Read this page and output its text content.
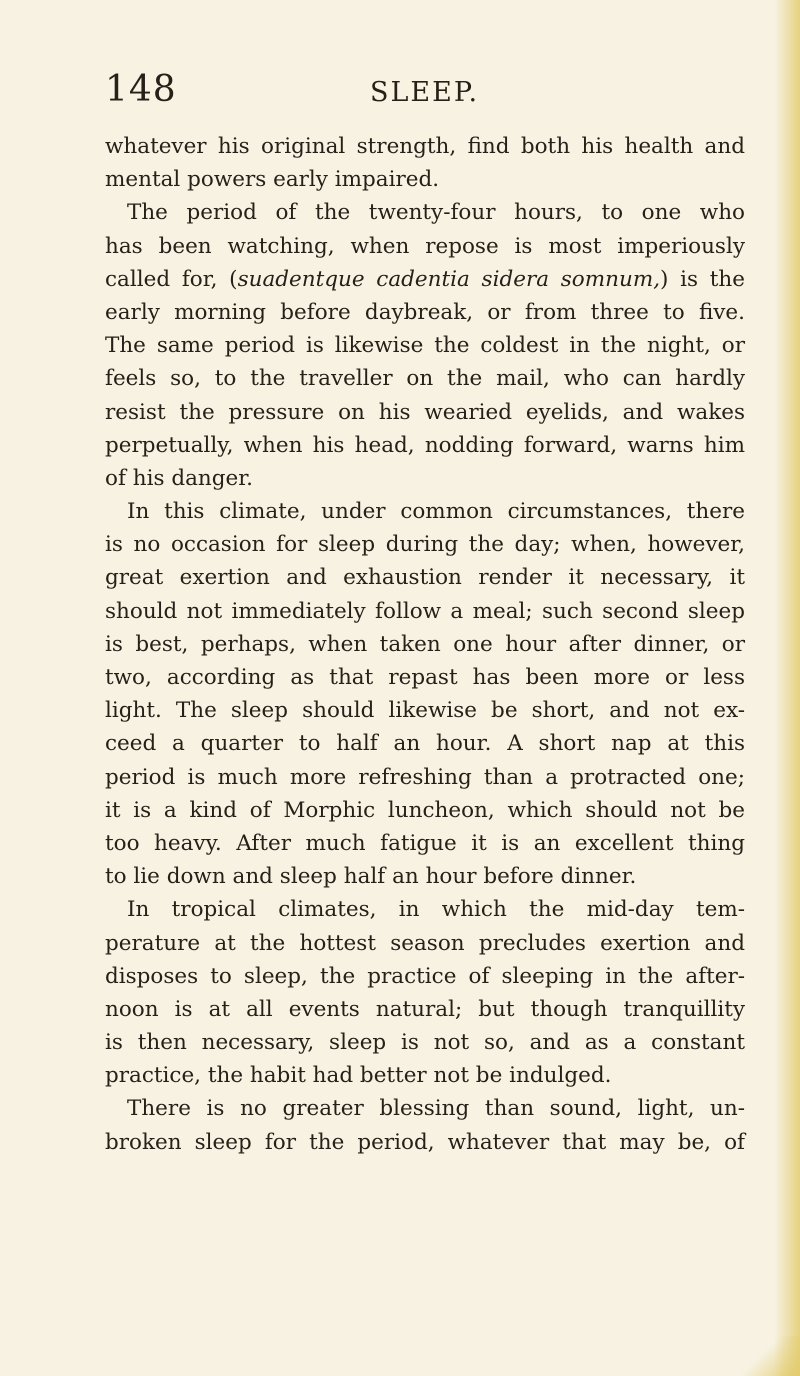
148	SLEEP.
whatever his original strength, find both his health and
mental powers early impaired.
The period of the twenty-four hours, to one who
has been watching, when repose is most imperiously
called for, (suadentque cadentia sidera somnum,) is the
early morning before daybreak, or from three to five.
The same period is likewise the coldest in the night, or
feels so, to the traveller on the mail, who can hardly
resist the pressure on his wearied eyelids, and wakes
perpetually, when his head, nodding forward, warns him
of his danger.
In this climate, under common circumstances, there
is no occasion for sleep during the day; when, however,
great exertion and exhaustion render it necessary, it
should not immediately follow a meal; such second sleep
is best, perhaps, when taken one hour after dinner, or
two, according as that repast has been more or less
light. The sleep should likewise be short, and not ex-
ceed a quarter to half an hour. A short nap at this
period is much more refreshing than a protracted one;
it is a kind of Morphic luncheon, which should not be
too heavy. After much fatigue it is an excellent thing
to lie down and sleep half an hour before dinner.
In tropical climates, in which the mid-day tem-
perature at the hottest season precludes exertion and
disposes to sleep, the practice of sleeping in the after-
noon is at all events natural; but though tranquillity
is then necessary, sleep is not so, and as a constant
practice, the habit had better not be indulged.
There is no greater blessing than sound, light, un-
broken sleep for the period, whatever that may be, of
